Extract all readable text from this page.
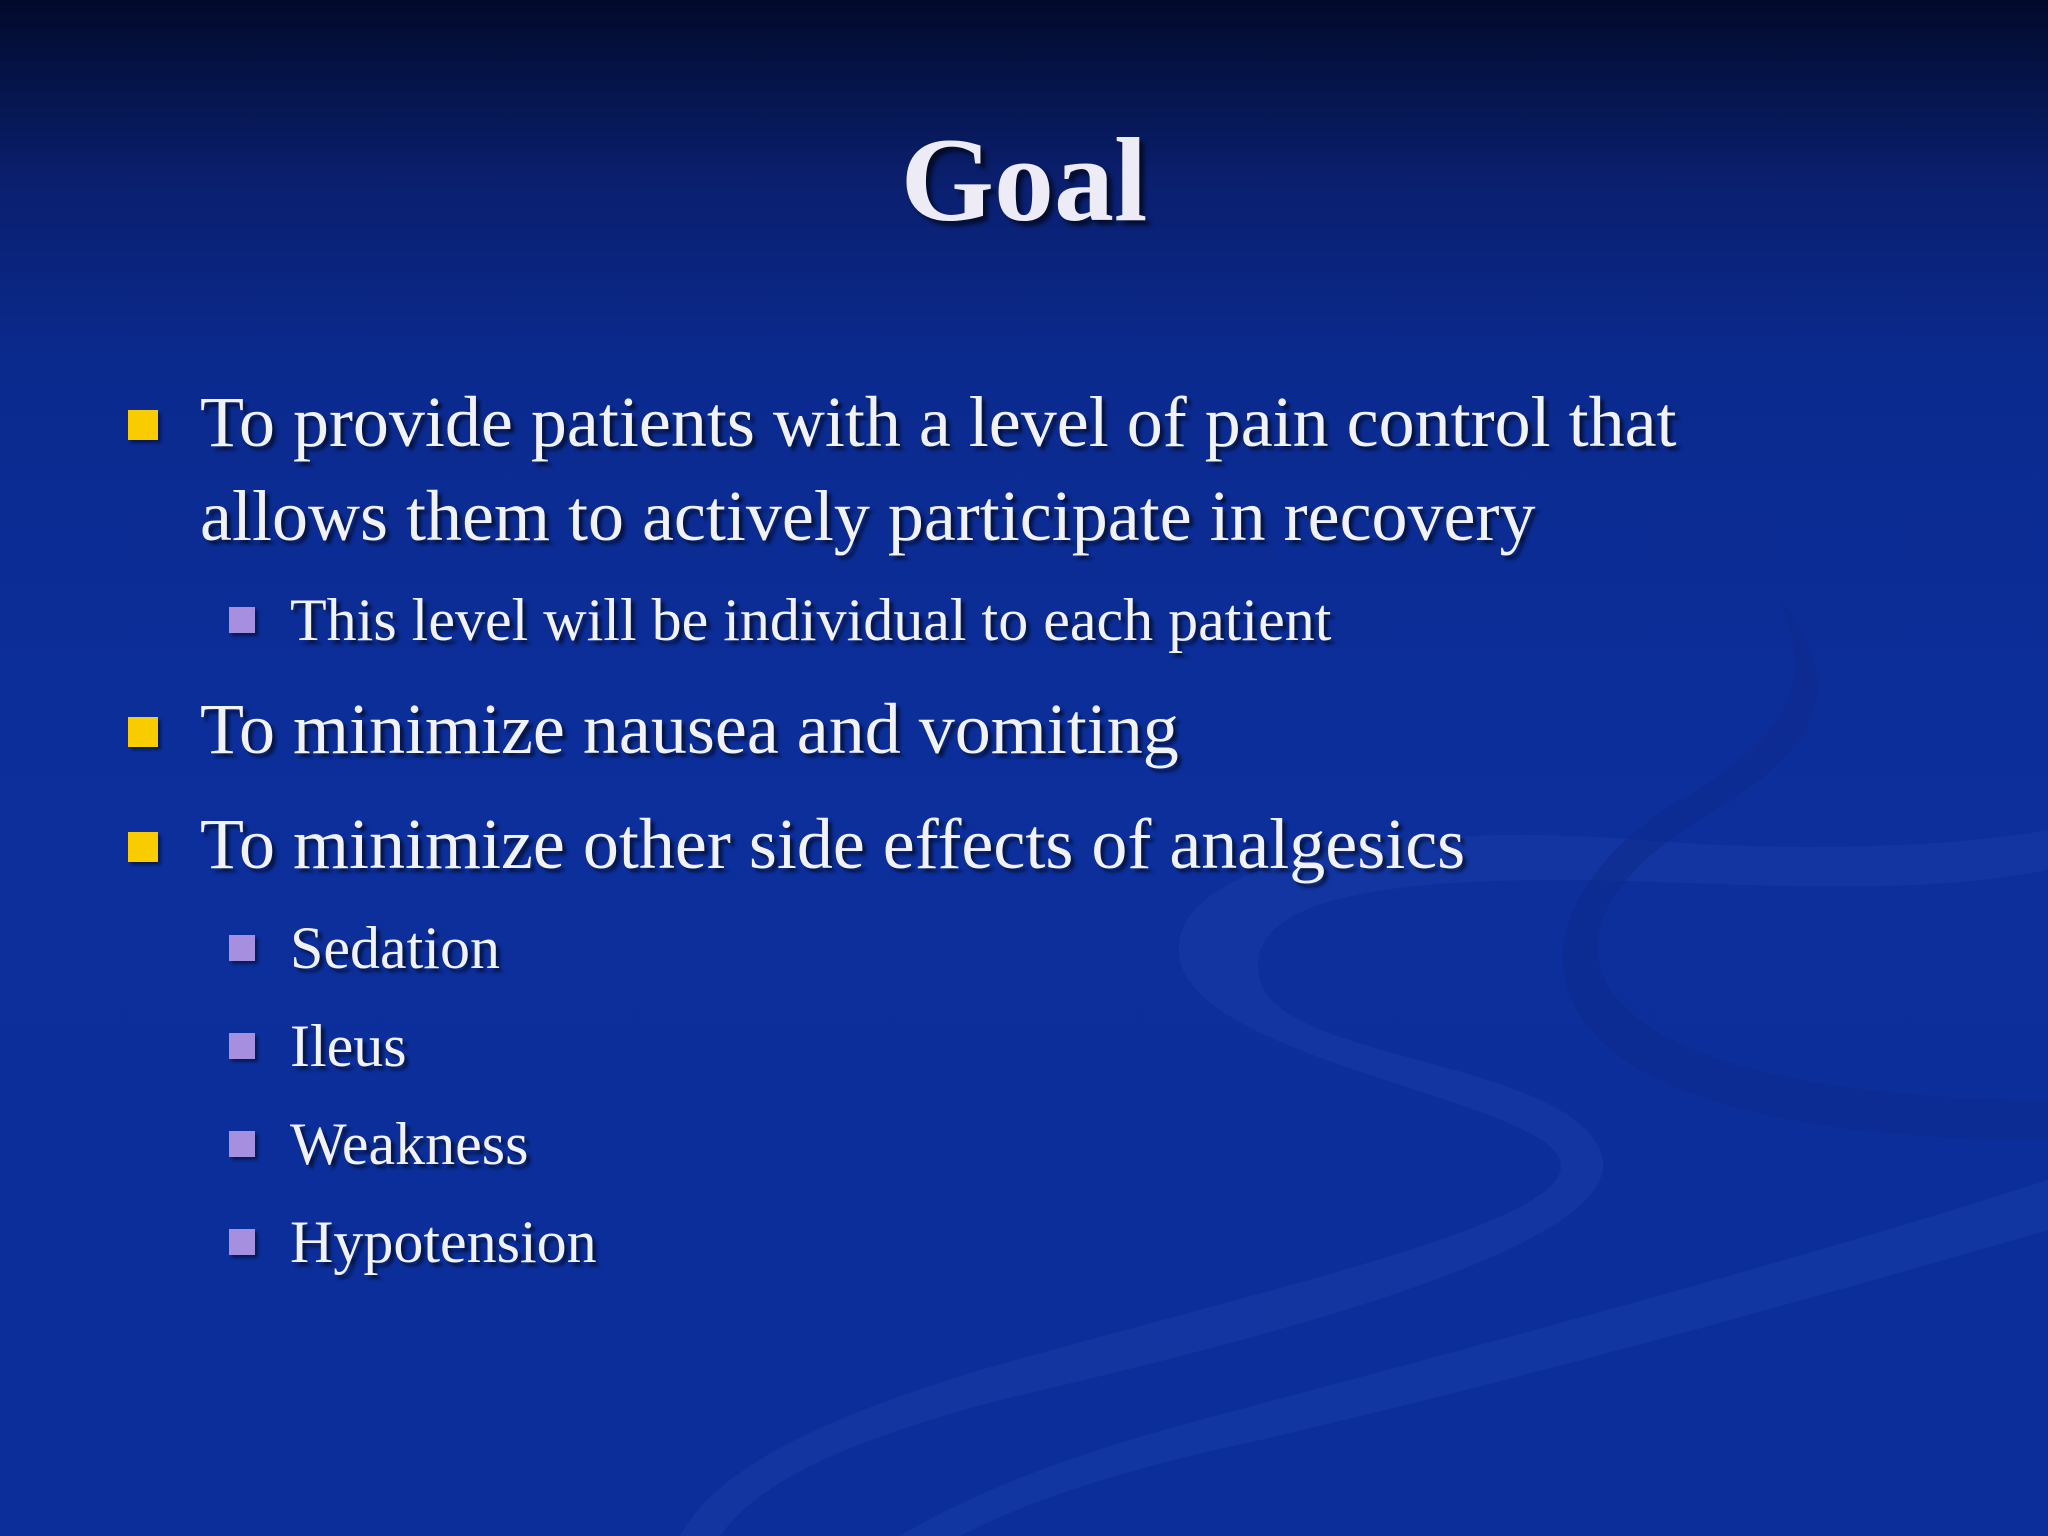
Goal
To provide patients with a level of pain control that
allows them to actively participate in recovery
This level will be individual to each patient
To minimize nausea and vomiting
To minimize other side effects of analgesics
Sedation
Ileus
Weakness
Hypotension
